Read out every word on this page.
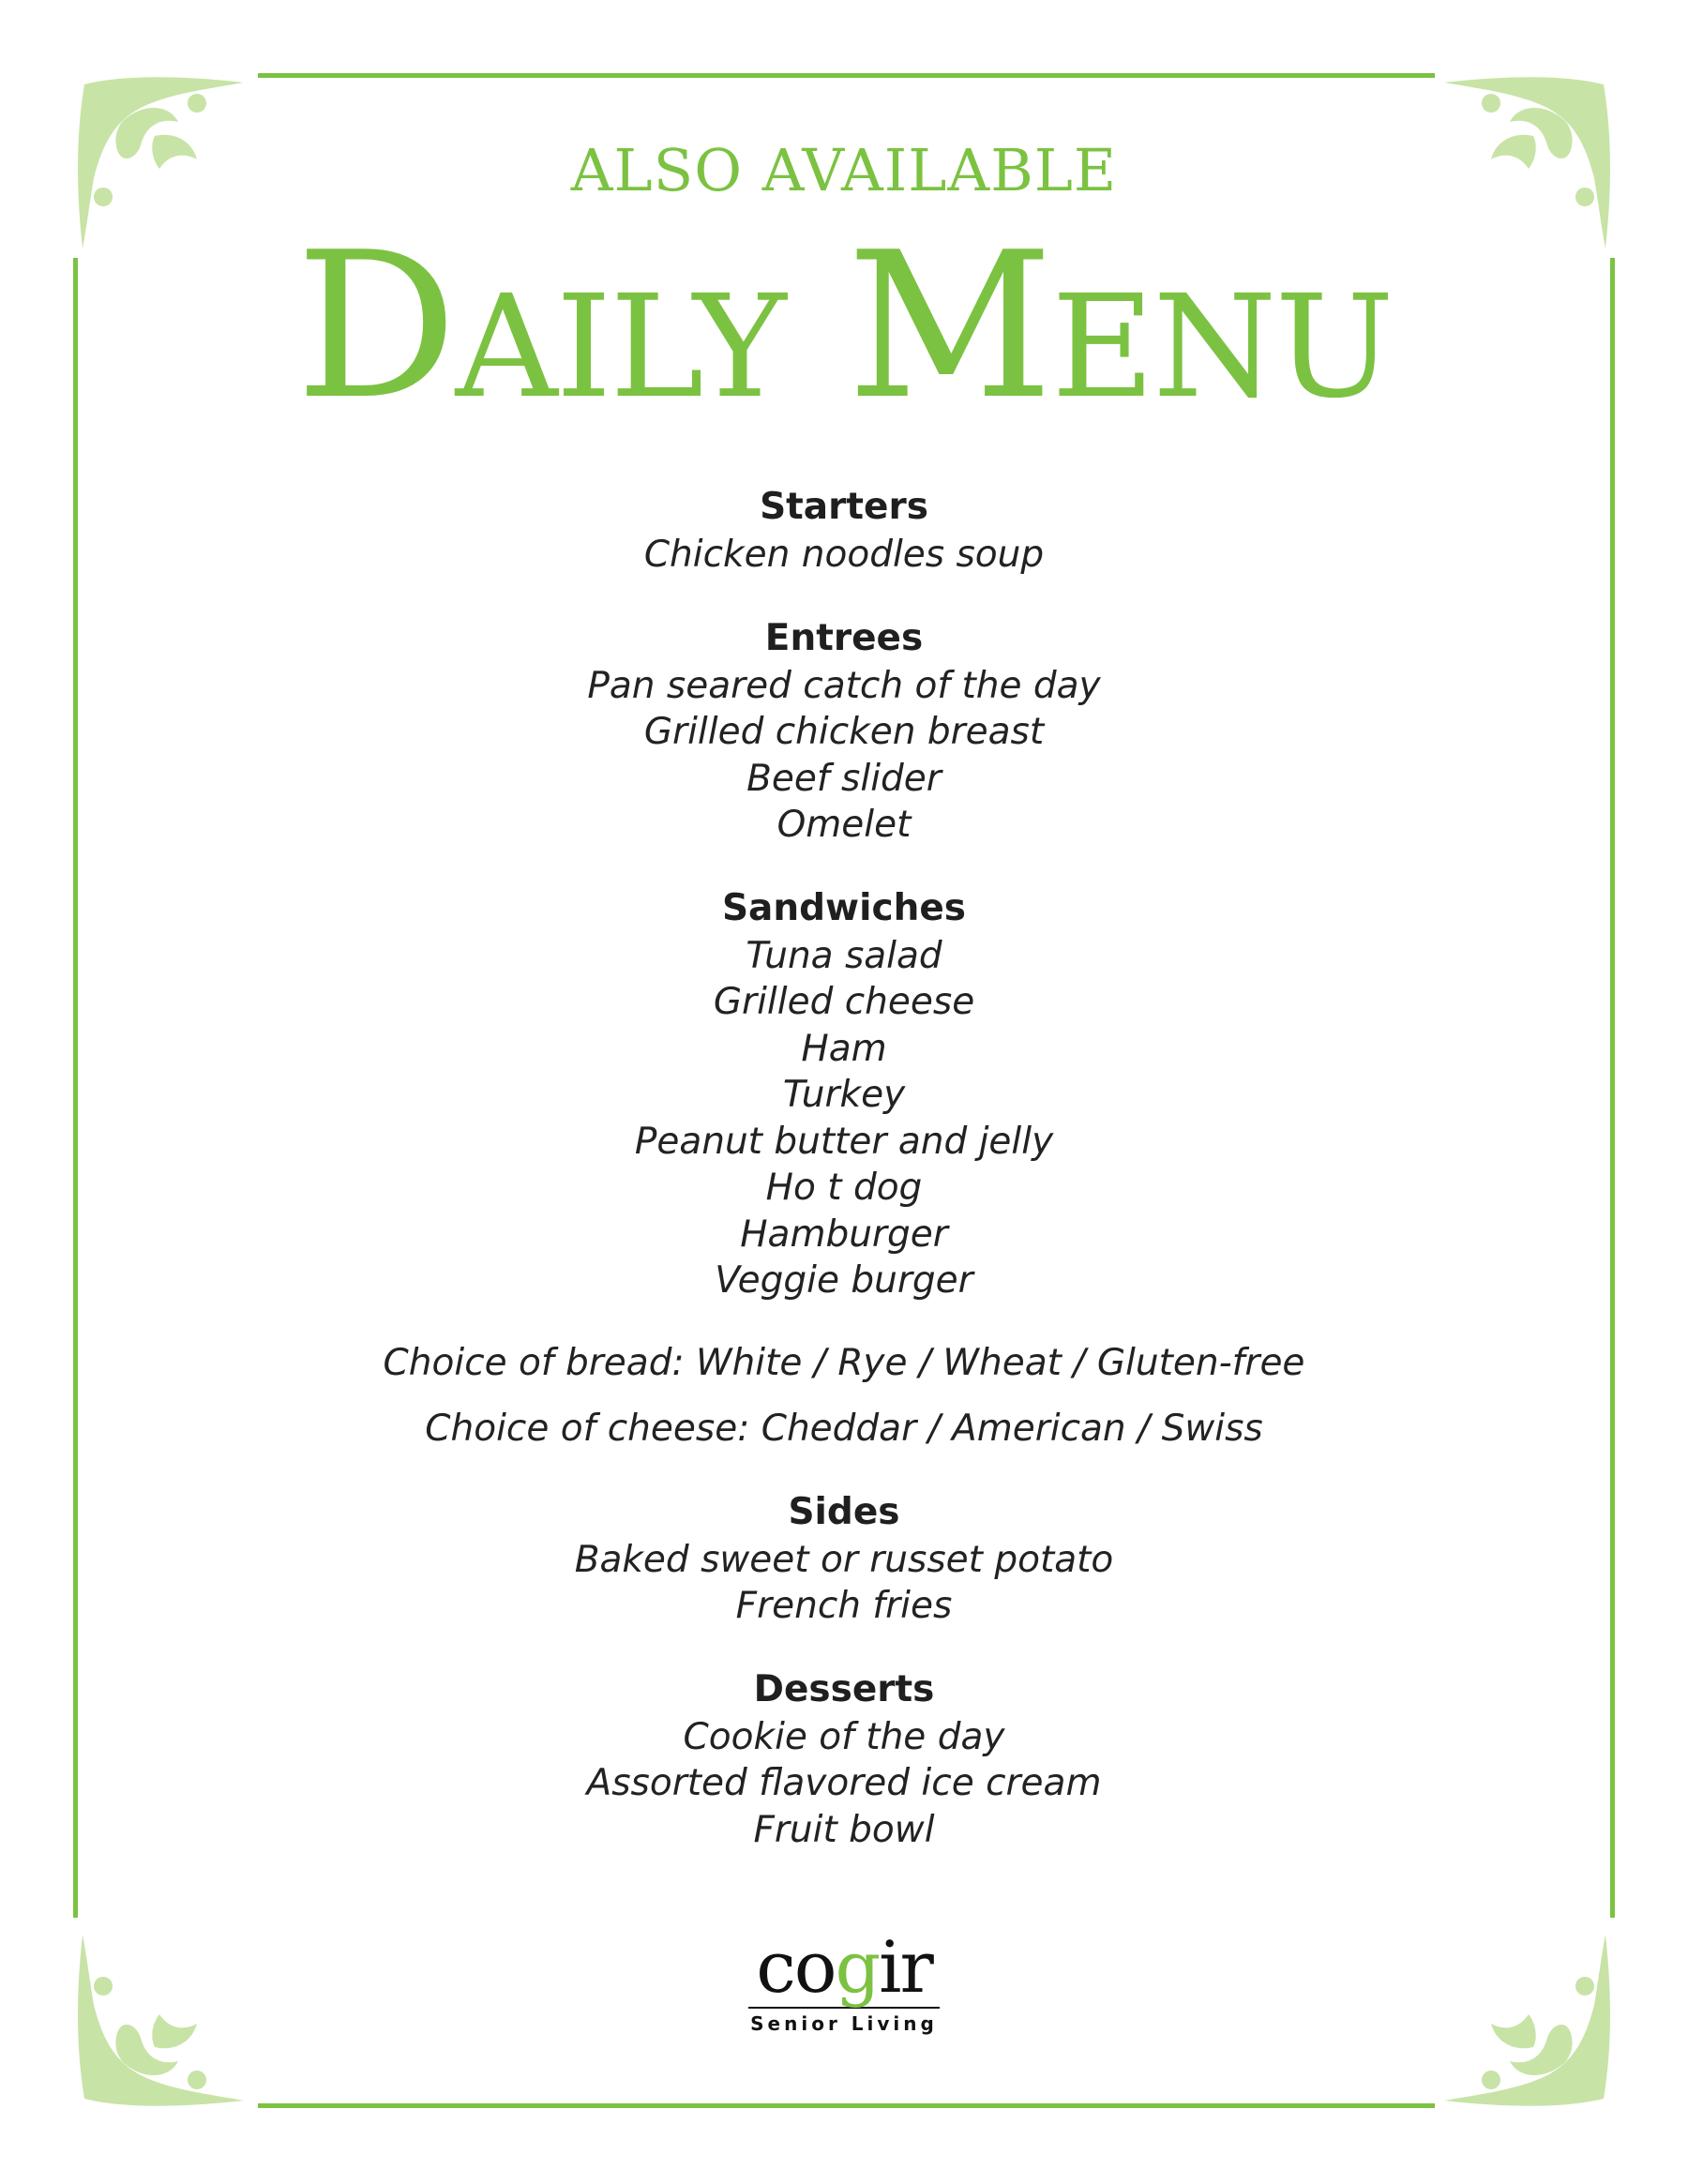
ALSO AVAILABLE
Daily Menu
Starters
Chicken noodles soup
Entrees
Pan seared catch of the day
Grilled chicken breast
Beef slider
Omelet
Sandwiches
Tuna salad
Grilled cheese
Ham
Turkey
Peanut butter and jelly
Ho t dog
Hamburger
Veggie burger
Choice of bread: White / Rye / Wheat / Gluten-free
Choice of cheese: Cheddar / American / Swiss
Sides
Baked sweet or russet potato
French fries
Desserts
Cookie of the day
Assorted flavored ice cream
Fruit bowl
cogir
Senior Living
